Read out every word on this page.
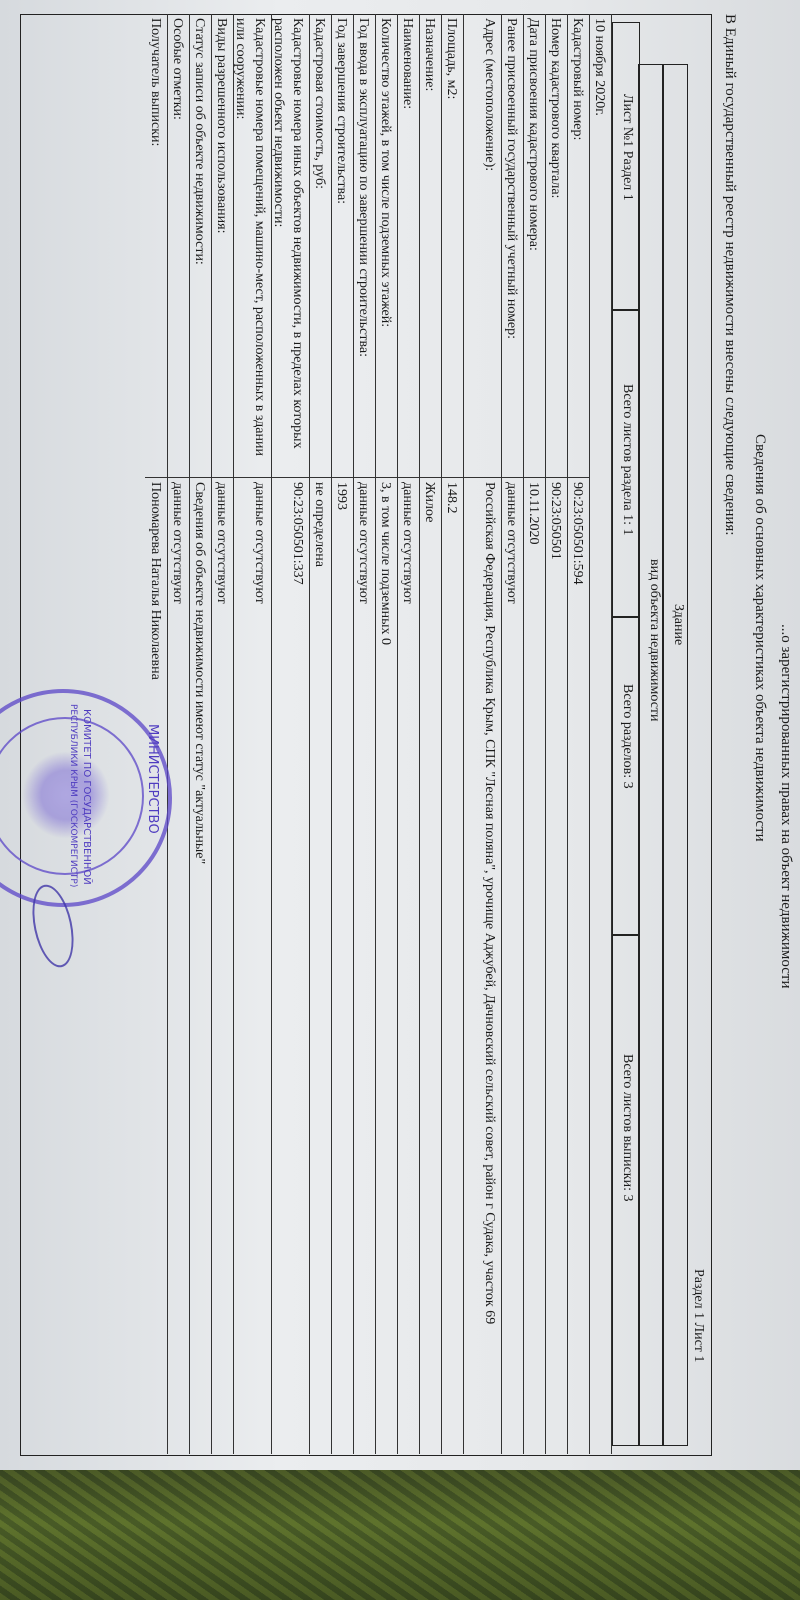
...о зарегистрированных правах на объект недвижимости
Сведения об основных характеристиках объекта недвижимости
В Единый государственный реестр недвижимости внесены следующие сведения:
Раздел 1 Лист 1
Здание
вид объекта недвижимости
Лист №1 Раздел 1
Всего листов раздела 1: 1
Всего разделов: 3
Всего листов выписки: 3
10 ноября 2020г.
Кадастровый номер:
90:23:050501:594
Номер кадастрового квартала:
90:23:050501
Дата присвоения кадастрового номера:
10.11.2020
Ранее присвоенный государственный учетный номер:
данные отсутствуют
Адрес (местоположение):
Российская Федерация, Республика Крым, СПК "Лесная поляна", урочище Аджубей, Дачновский сельский совет, район г Судака, участок 69
Площадь, м2:
148.2
Назначение:
Жилое
Наименование:
данные отсутствуют
Количество этажей, в том числе подземных этажей:
3, в том числе подземных 0
Год ввода в эксплуатацию по завершении строительства:
данные отсутствуют
Год завершения строительства:
1993
Кадастровая стоимость, руб:
не определена
Кадастровые номера иных объектов недвижимости, в пределах которых расположен объект недвижимости:
90:23:050501:337
Кадастровые номера помещений, машино-мест, расположенных в здании или сооружении:
данные отсутствуют
Виды разрешенного использования:
данные отсутствуют
Статус записи об объекте недвижимости:
Сведения об объекте недвижимости имеют статус "актуальные"
Особые отметки:
данные отсутствуют
Получатель выписки:
Пономарева Наталья Николаевна
МИНИСТЕРСТВО
КОМИТЕТ ПО ГОСУДАРСТВЕННОЙ
РЕСПУБЛИКИ КРЫМ (ГОСКОМРЕГИСТР)
